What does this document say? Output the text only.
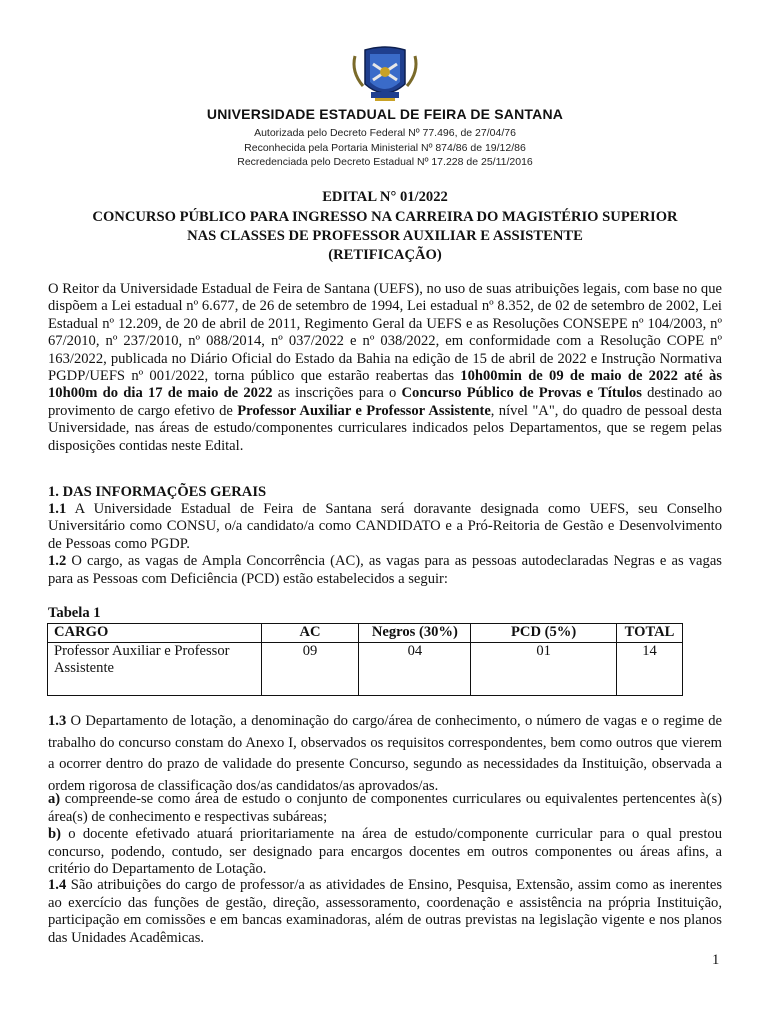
UNIVERSIDADE ESTADUAL DE FEIRA DE SANTANA
Autorizada pelo Decreto Federal Nº 77.496, de 27/04/76
Reconhecida pela Portaria Ministerial Nº 874/86 de 19/12/86
Recredenciada pelo Decreto Estadual Nº 17.228 de 25/11/2016
EDITAL N° 01/2022
CONCURSO PÚBLICO PARA INGRESSO NA CARREIRA DO MAGISTÉRIO SUPERIOR
NAS CLASSES DE PROFESSOR AUXILIAR E ASSISTENTE
(RETIFICAÇÃO)
O Reitor da Universidade Estadual de Feira de Santana (UEFS), no uso de suas atribuições legais, com base no que dispõem a Lei estadual nº 6.677, de 26 de setembro de 1994, Lei estadual nº 8.352, de 02 de setembro de 2002, Lei Estadual nº 12.209, de 20 de abril de 2011, Regimento Geral da UEFS e as Resoluções CONSEPE nº 104/2003, nº 67/2010, nº 237/2010, nº 088/2014, nº 037/2022 e nº 038/2022, em conformidade com a Resolução COPE nº 163/2022, publicada no Diário Oficial do Estado da Bahia na edição de 15 de abril de 2022 e Instrução Normativa PGDP/UEFS nº 001/2022, torna público que estarão reabertas das 10h00min de 09 de maio de 2022 até às 10h00m do dia 17 de maio de 2022 as inscrições para o Concurso Público de Provas e Títulos destinado ao provimento de cargo efetivo de Professor Auxiliar e Professor Assistente, nível "A", do quadro de pessoal desta Universidade, nas áreas de estudo/componentes curriculares indicados pelos Departamentos, que se regem pelas disposições contidas neste Edital.
1. DAS INFORMAÇÕES GERAIS
1.1 A Universidade Estadual de Feira de Santana será doravante designada como UEFS, seu Conselho Universitário como CONSU, o/a candidato/a como CANDIDATO e a Pró-Reitoria de Gestão e Desenvolvimento de Pessoas como PGDP.
1.2 O cargo, as vagas de Ampla Concorrência (AC), as vagas para as pessoas autodeclaradas Negras e as vagas para as Pessoas com Deficiência (PCD) estão estabelecidos a seguir:
Tabela 1
CARGO	AC	Negros (30%)	PCD (5%)	TOTAL
Professor Auxiliar e Professor Assistente	09	04	01	14
1.3 O Departamento de lotação, a denominação do cargo/área de conhecimento, o número de vagas e o regime de trabalho do concurso constam do Anexo I, observados os requisitos correspondentes, bem como outros que vierem a ocorrer dentro do prazo de validade do presente Concurso, segundo as necessidades da Instituição, observada a ordem rigorosa de classificação dos/as candidatos/as aprovados/as.
a) compreende-se como área de estudo o conjunto de componentes curriculares ou equivalentes pertencentes à(s) área(s) de conhecimento e respectivas subáreas;
b) o docente efetivado atuará prioritariamente na área de estudo/componente curricular para o qual prestou concurso, podendo, contudo, ser designado para encargos docentes em outros componentes ou áreas afins, a critério do Departamento de Lotação.
1.4 São atribuições do cargo de professor/a as atividades de Ensino, Pesquisa, Extensão, assim como as inerentes ao exercício das funções de gestão, direção, assessoramento, coordenação e assistência na própria Instituição, participação em comissões e em bancas examinadoras, além de outras previstas na legislação vigente e nos planos das Unidades Acadêmicas.
1
